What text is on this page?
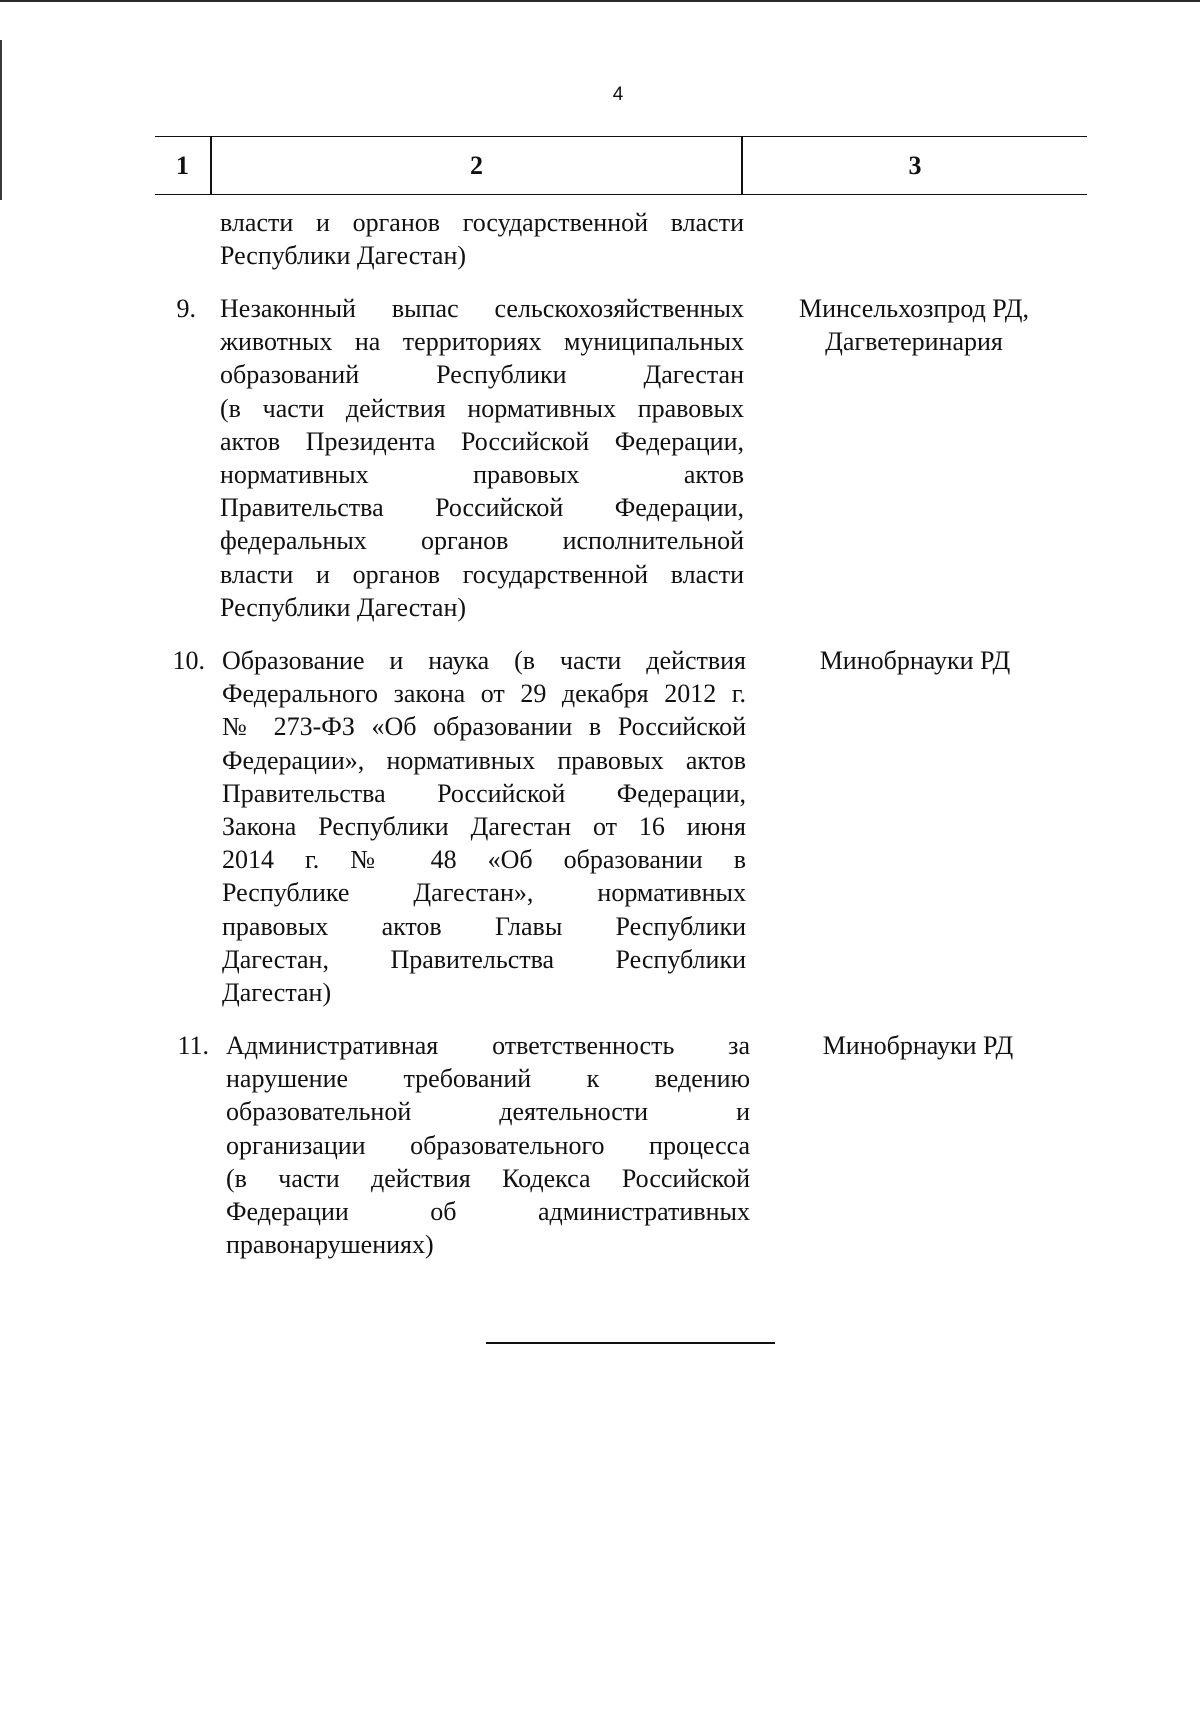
4
1	2	3
власти и органов государственной власти
Республики Дагестан)
9. Незаконный выпас сельскохозяйственных
животных на территориях муниципальных
образований Республики Дагестан
(в части действия нормативных правовых
актов Президента Российской Федерации,
нормативных правовых актов
Правительства Российской Федерации,
федеральных органов исполнительной
власти и органов государственной власти
Республики Дагестан)
Минсельхозпрод РД,
Дагветеринария
10. Образование и наука (в части действия
Федерального закона от 29 декабря 2012 г.
№ 273-ФЗ «Об образовании в Российской
Федерации», нормативных правовых актов
Правительства Российской Федерации,
Закона Республики Дагестан от 16 июня
2014 г. № 48 «Об образовании в
Республике Дагестан», нормативных
правовых актов Главы Республики
Дагестан, Правительства Республики
Дагестан)
Минобрнауки РД
11. Административная ответственность за
нарушение требований к ведению
образовательной деятельности и
организации образовательного процесса
(в части действия Кодекса Российской
Федерации об административных
правонарушениях)
Минобрнауки РД
